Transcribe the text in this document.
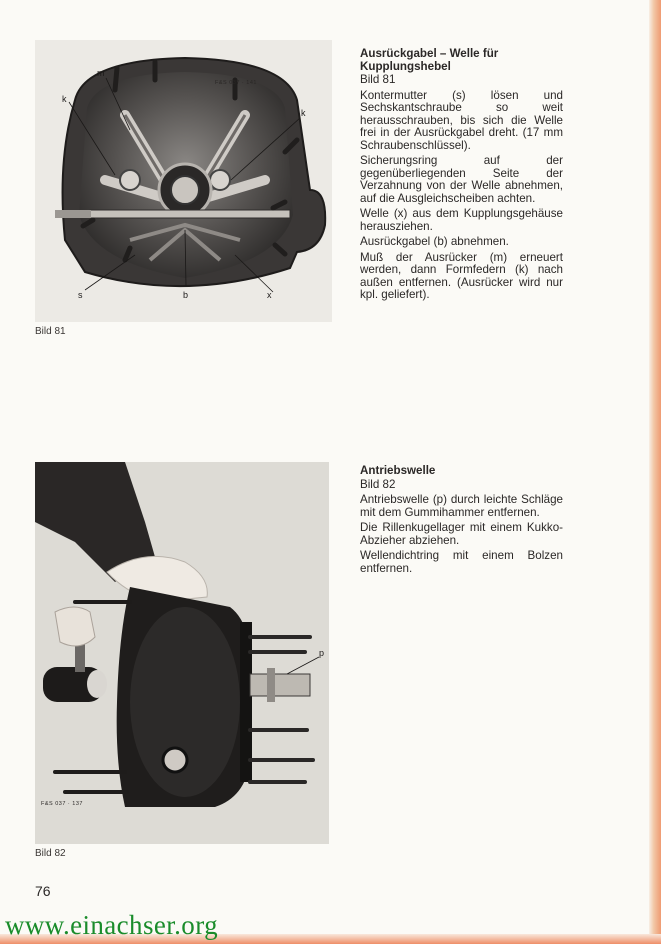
m
k
k
s	b	x
F&S 037 · 141
Bild 81
p
F&S 037 · 137
Bild 82

Ausrückgabel – Welle für Kupplungshebel

Bild 81

Kontermutter (s) lösen und Sechskantschraube so weit herausschrauben, bis sich die Welle frei in der Ausrückgabel dreht. (17 mm Schraubenschlüssel).

Sicherungsring auf der gegenüberliegenden Seite der Verzahnung von der Welle abnehmen, auf die Ausgleichscheiben achten.

Welle (x) aus dem Kupplungsgehäuse herausziehen.

Ausrückgabel (b) abnehmen.

Muß der Ausrücker (m) erneuert werden, dann Formfedern (k) nach außen entfernen. (Ausrücker wird nur kpl. geliefert).

Antriebswelle

Bild 82

Antriebswelle (p) durch leichte Schläge mit dem Gummihammer entfernen.

Die Rillenkugellager mit einem Kukko-Abzieher abziehen.

Wellendichtring mit einem Bolzen entfernen.

76
www.einachser.org
